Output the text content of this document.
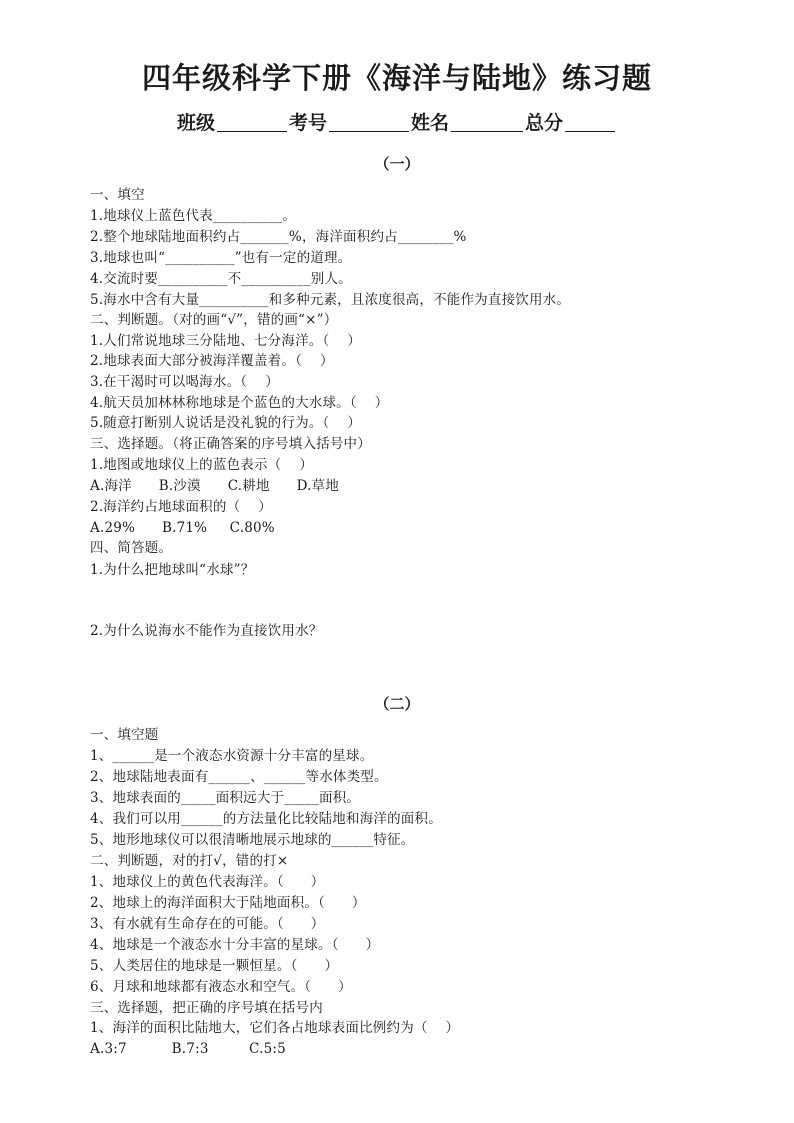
四年级科学下册《海洋与陆地》练习题
班级	考号	姓名	总分
（一）
一、填空
1.地球仪上蓝色代表__________。
2.整个地球陆地面积约占_______%，海洋面积约占________%
3.地球也叫“__________”也有一定的道理。
4.交流时要__________不__________别人。
5.海水中含有大量__________和多种元素，且浓度很高，不能作为直接饮用水。
二、判断题。（对的画“√”，错的画“×”）
1.人们常说地球三分陆地、七分海洋。（    ）
2.地球表面大部分被海洋覆盖着。（    ）
3.在干渴时可以喝海水。（    ）
4.航天员加林林称地球是个蓝色的大水球。（    ）
5.随意打断别人说话是没礼貌的行为。（    ）
三、选择题。（将正确答案的序号填入括号中）
1.地图或地球仪上的蓝色表示（    ）
A.海洋      B.沙漠      C.耕地      D.草地
2.海洋约占地球面积的（    ）
A.29%      B.71%     C.80%
四、简答题。
1.为什么把地球叫“水球”？
2.为什么说海水不能作为直接饮用水？
（二）
一、填空题
1、______是一个液态水资源十分丰富的星球。
2、地球陆地表面有______、______等水体类型。
3、地球表面的_____面积远大于_____面积。
4、我们可以用______的方法量化比较陆地和海洋的面积。
5、地形地球仪可以很清晰地展示地球的______特征。
二、判断题，对的打√，错的打×
1、地球仪上的黄色代表海洋。（      ）
2、地球上的海洋面积大于陆地面积。（      ）
3、有水就有生命存在的可能。（      ）
4、地球是一个液态水十分丰富的星球。（      ）
5、人类居住的地球是一颗恒星。（      ）
6、月球和地球都有液态水和空气。（      ）
三、选择题，把正确的序号填在括号内
1、海洋的面积比陆地大，它们各占地球表面比例约为（    ）
A.3:7          B.7:3         C.5:5
